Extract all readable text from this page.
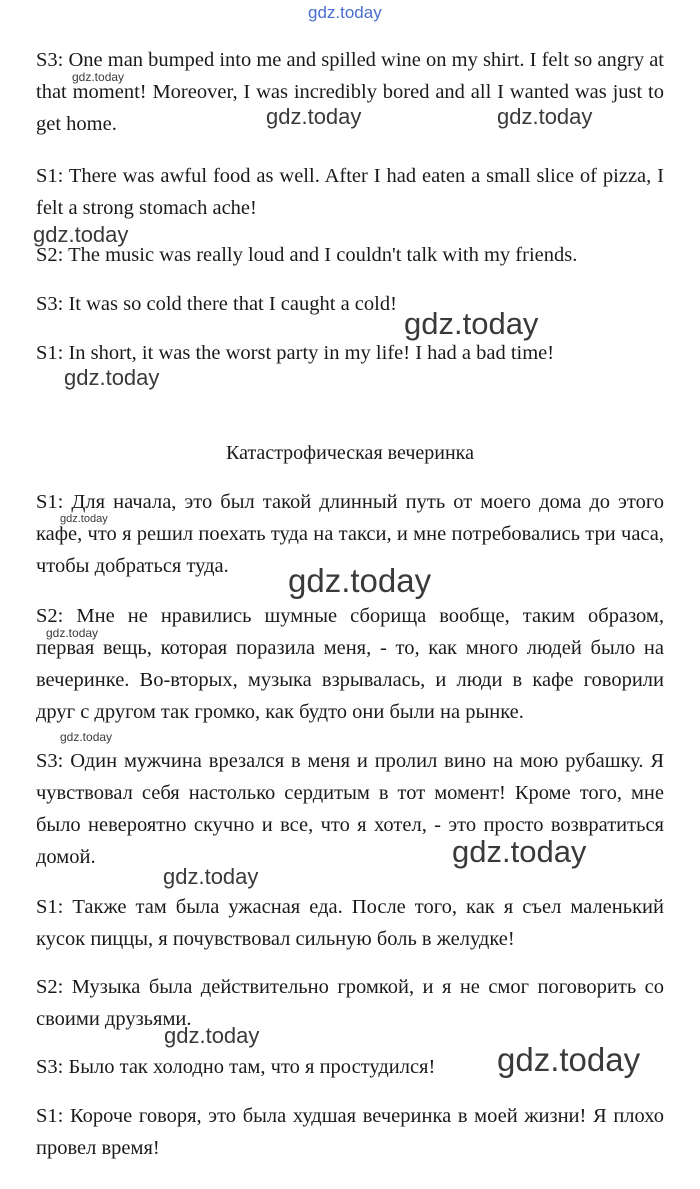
S3: One man bumped into me and spilled wine on my shirt. I felt so angry at that moment! Moreover, I was incredibly bored and all I wanted was just to get home.

S1: There was awful food as well. After I had eaten a small slice of pizza, I felt a strong stomach ache!

S2: The music was really loud and I couldn't talk with my friends.

S3: It was so cold there that I caught a cold!

S1: In short, it was the worst party in my life! I had a bad time!

Катастрофическая вечеринка

S1: Для начала, это был такой длинный путь от моего дома до этого кафе, что я решил поехать туда на такси, и мне потребовались три часа, чтобы добраться туда.

S2: Мне не нравились шумные сборища вообще, таким образом, первая вещь, которая поразила меня, - то, как много людей было на вечеринке. Во-вторых, музыка взрывалась, и люди в кафе говорили друг с другом так громко, как будто они были на рынке.

S3: Один мужчина врезался в меня и пролил вино на мою рубашку. Я чувствовал себя настолько сердитым в тот момент! Кроме того, мне было невероятно скучно и все, что я хотел, - это просто возвратиться домой.

S1: Также там была ужасная еда. После того, как я съел маленький кусок пиццы, я почувствовал сильную боль в желудке!

S2: Музыка была действительно громкой, и я не смог поговорить со своими друзьями.

S3: Было так холодно там, что я простудился!

S1: Короче говоря, это была худшая вечеринка в моей жизни! Я плохо провел время!

gdz.today
gdz.today
gdz.today	gdz.today
gdz.today
gdz.today
gdz.today
gdz.today
gdz.today
gdz.today
gdz.today
gdz.today
gdz.today
gdz.today
gdz.today
